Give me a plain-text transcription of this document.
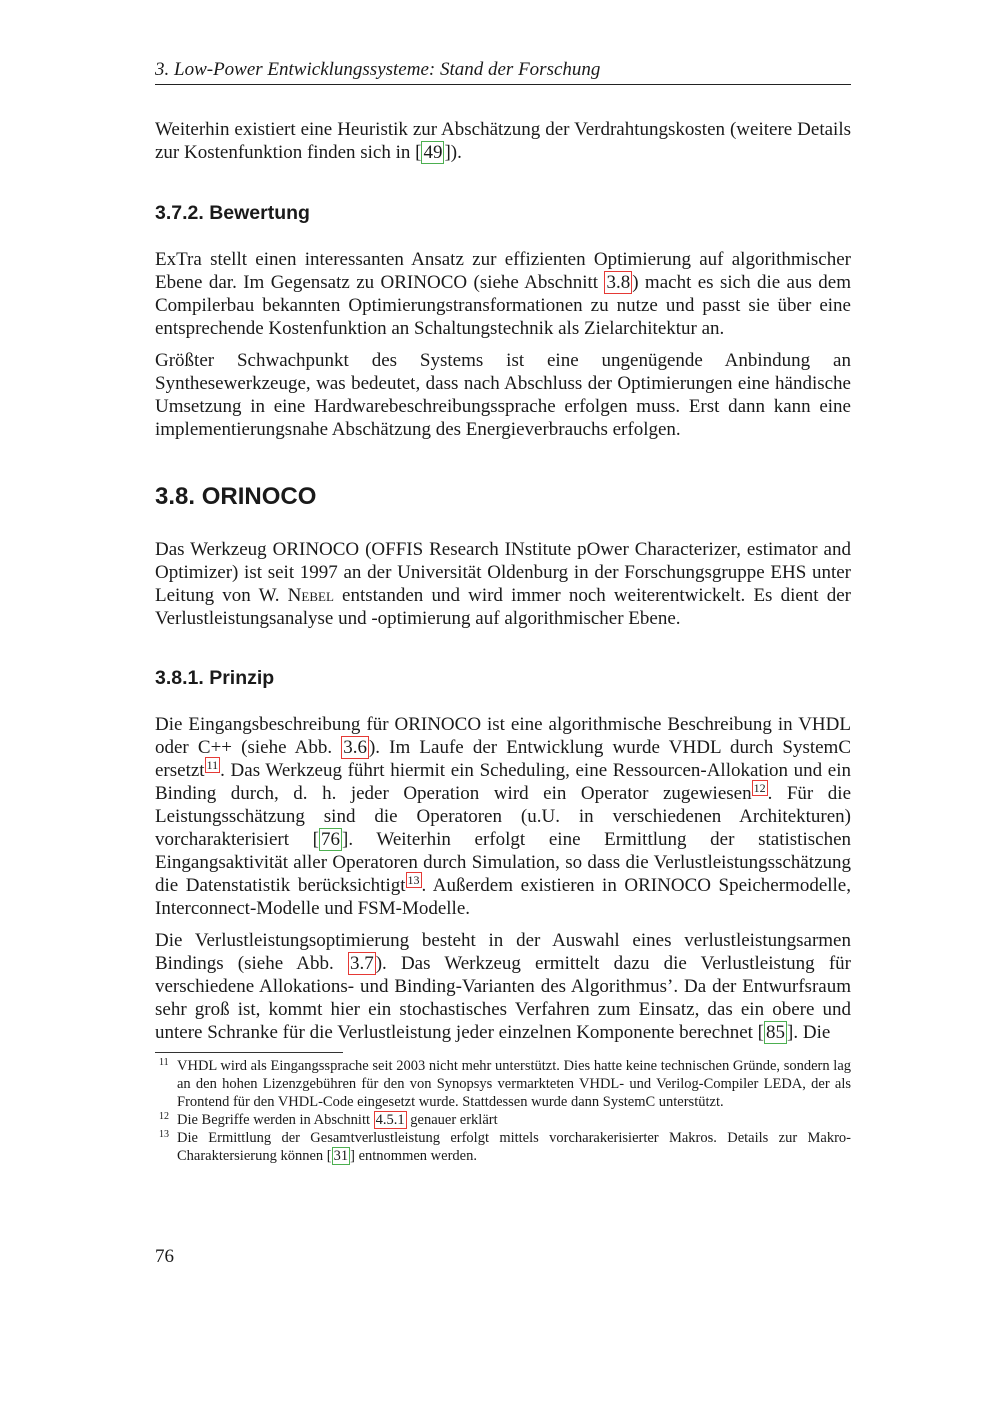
3. Low-Power Entwicklungssysteme: Stand der Forschung

Weiterhin existiert eine Heuristik zur Abschätzung der Verdrahtungskosten (weitere Details zur Kostenfunktion finden sich in [ 49 ]).

3.7.2. Bewertung

ExTra stellt einen interessanten Ansatz zur effizienten Optimierung auf algorithmischer Ebene dar. Im Gegensatz zu ORINOCO (siehe Abschnitt 3.8 ) macht es sich die aus dem Compilerbau bekannten Optimierungstransformationen zu nutze und passt sie über eine entsprechende Kostenfunktion an Schaltungstechnik als Zielarchitektur an.

Größter Schwachpunkt des Systems ist eine ungenügende Anbindung an Synthesewerkzeuge, was bedeutet, dass nach Abschluss der Optimierungen eine händische Umsetzung in eine Hardwarebeschreibungssprache erfolgen muss. Erst dann kann eine implementierungsnahe Abschätzung des Energieverbrauchs erfolgen.

3.8. ORINOCO

Das Werkzeug ORINOCO (OFFIS Research INstitute pOwer Characterizer, estimator and Optimizer) ist seit 1997 an der Universität Oldenburg in der Forschungsgruppe EHS unter Leitung von W. Nebel entstanden und wird immer noch weiterentwickelt. Es dient der Verlustleistungsanalyse und -optimierung auf algorithmischer Ebene.

3.8.1. Prinzip

Die Eingangsbeschreibung für ORINOCO ist eine algorithmische Beschreibung in VHDL oder C++ (siehe Abb. 3.6 ). Im Laufe der Entwicklung wurde VHDL durch SystemC ersetzt $^{11}$ . Das Werkzeug führt hiermit ein Scheduling, eine Ressourcen-Allokation und ein Binding durch, d. h. jeder Operation wird ein Operator zugewiesen $^{12}$ . Für die Leistungsschätzung sind die Operatoren (u.U. in verschiedenen Architekturen) vorcharakterisiert [ 76 ]. Weiterhin erfolgt eine Ermittlung der statistischen Eingangsaktivität aller Operatoren durch Simulation, so dass die Verlustleistungsschätzung die Datenstatistik berücksichtigt $^{13}$ . Außerdem existieren in ORINOCO Speichermodelle, Interconnect-Modelle und FSM-Modelle.

Die Verlustleistungsoptimierung besteht in der Auswahl eines verlustleistungsarmen Bindings (siehe Abb. 3.7 ). Das Werkzeug ermittelt dazu die Verlustleistung für verschiedene Allokations- und Binding-Varianten des Algorithmus’. Da der Entwurfsraum sehr groß ist, kommt hier ein stochastisches Verfahren zum Einsatz, das ein obere und untere Schranke für die Verlustleistung jeder einzelnen Komponente berechnet [ 85 ]. Die

11 VHDL wird als Eingangssprache seit 2003 nicht mehr unterstützt. Dies hatte keine technischen Gründe, sondern lag an den hohen Lizenzgebühren für den von Synopsys vermarkteten VHDL- und Verilog-Compiler LEDA, der als Frontend für den VHDL-Code eingesetzt wurde. Stattdessen wurde dann SystemC unterstützt.
12 Die Begriffe werden in Abschnitt 4.5.1 genauer erklärt
13 Die Ermittlung der Gesamtverlustleistung erfolgt mittels vorcharakerisierter Makros. Details zur Makro-Charaktersierung können [ 31 ] entnommen werden.
76
